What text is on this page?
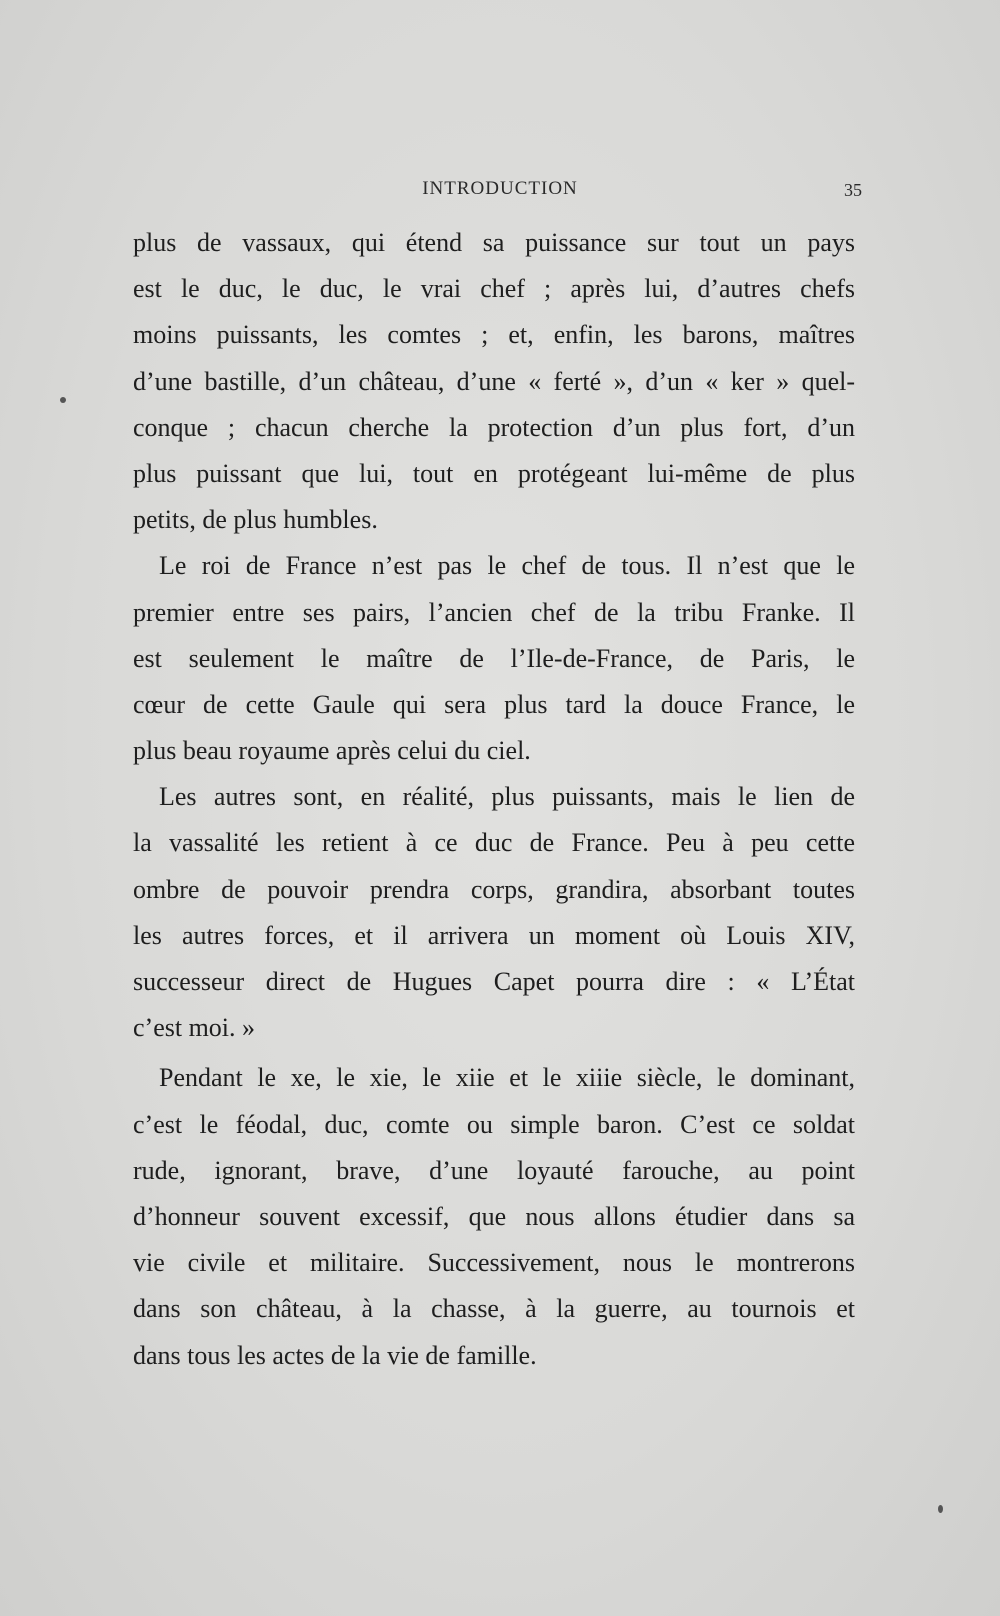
INTRODUCTION	35
plus de vassaux, qui étend sa puissance sur tout un pays
est le duc, le duc, le vrai chef ; après lui, d’autres chefs
moins puissants, les comtes ; et, enfin, les barons, maîtres
d’une bastille, d’un château, d’une « ferté », d’un « ker » quel-
conque ; chacun cherche la protection d’un plus fort, d’un
plus puissant que lui, tout en protégeant lui-même de plus
petits, de plus humbles.
Le roi de France n’est pas le chef de tous. Il n’est que le
premier entre ses pairs, l’ancien chef de la tribu Franke. Il
est seulement le maître de l’Ile-de-France, de Paris, le
cœur de cette Gaule qui sera plus tard la douce France, le
plus beau royaume après celui du ciel.
Les autres sont, en réalité, plus puissants, mais le lien de
la vassalité les retient à ce duc de France. Peu à peu cette
ombre de pouvoir prendra corps, grandira, absorbant toutes
les autres forces, et il arrivera un moment où Louis XIV,
successeur direct de Hugues Capet pourra dire : « L’État
c’est moi. »
Pendant le xe, le xie, le xiie et le xiiie siècle, le dominant,
c’est le féodal, duc, comte ou simple baron. C’est ce soldat
rude, ignorant, brave, d’une loyauté farouche, au point
d’honneur souvent excessif, que nous allons étudier dans sa
vie civile et militaire. Successivement, nous le montrerons
dans son château, à la chasse, à la guerre, au tournois et
dans tous les actes de la vie de famille.
